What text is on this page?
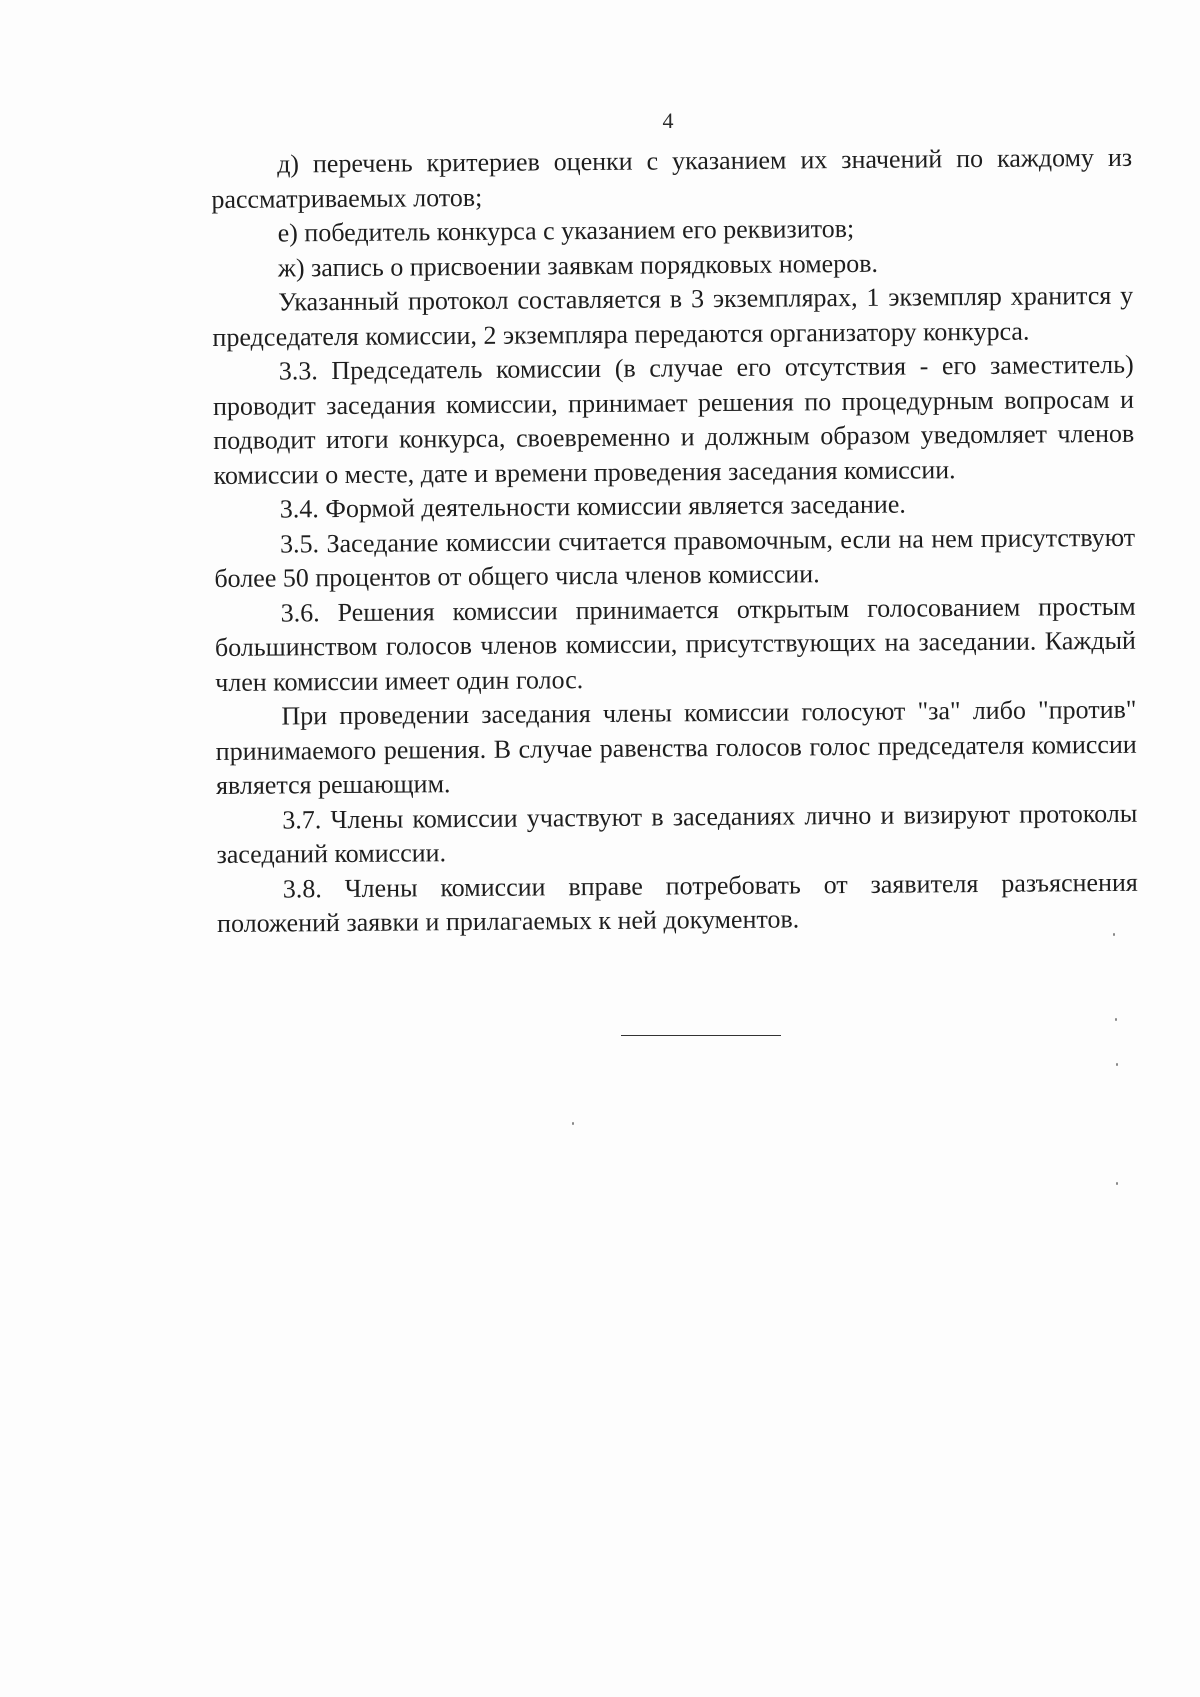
4

д) перечень критериев оценки с указанием их значений по каждому из рассматриваемых лотов;

е) победитель конкурса с указанием его реквизитов;

ж) запись о присвоении заявкам порядковых номеров.

Указанный протокол составляется в 3 экземплярах, 1 экземпляр хранится у председателя комиссии, 2 экземпляра передаются организатору конкурса.

3.3. Председатель комиссии (в случае его отсутствия - его заместитель) проводит заседания комиссии, принимает решения по процедурным вопросам и подводит итоги конкурса, своевременно и должным образом уведомляет членов комиссии о месте, дате и времени проведения заседания комиссии.

3.4. Формой деятельности комиссии является заседание.

3.5. Заседание комиссии считается правомочным, если на нем присутствуют более 50 процентов от общего числа членов комиссии.

3.6. Решения комиссии принимается открытым голосованием простым большинством голосов членов комиссии, присутствующих на заседании. Каждый член комиссии имеет один голос.

При проведении заседания члены комиссии голосуют "за" либо "против" принимаемого решения. В случае равенства голосов голос председателя комиссии является решающим.

3.7. Члены комиссии участвуют в заседаниях лично и визируют протоколы заседаний комиссии.

3.8. Члены комиссии вправе потребовать от заявителя разъяснения положений заявки и прилагаемых к ней документов.
